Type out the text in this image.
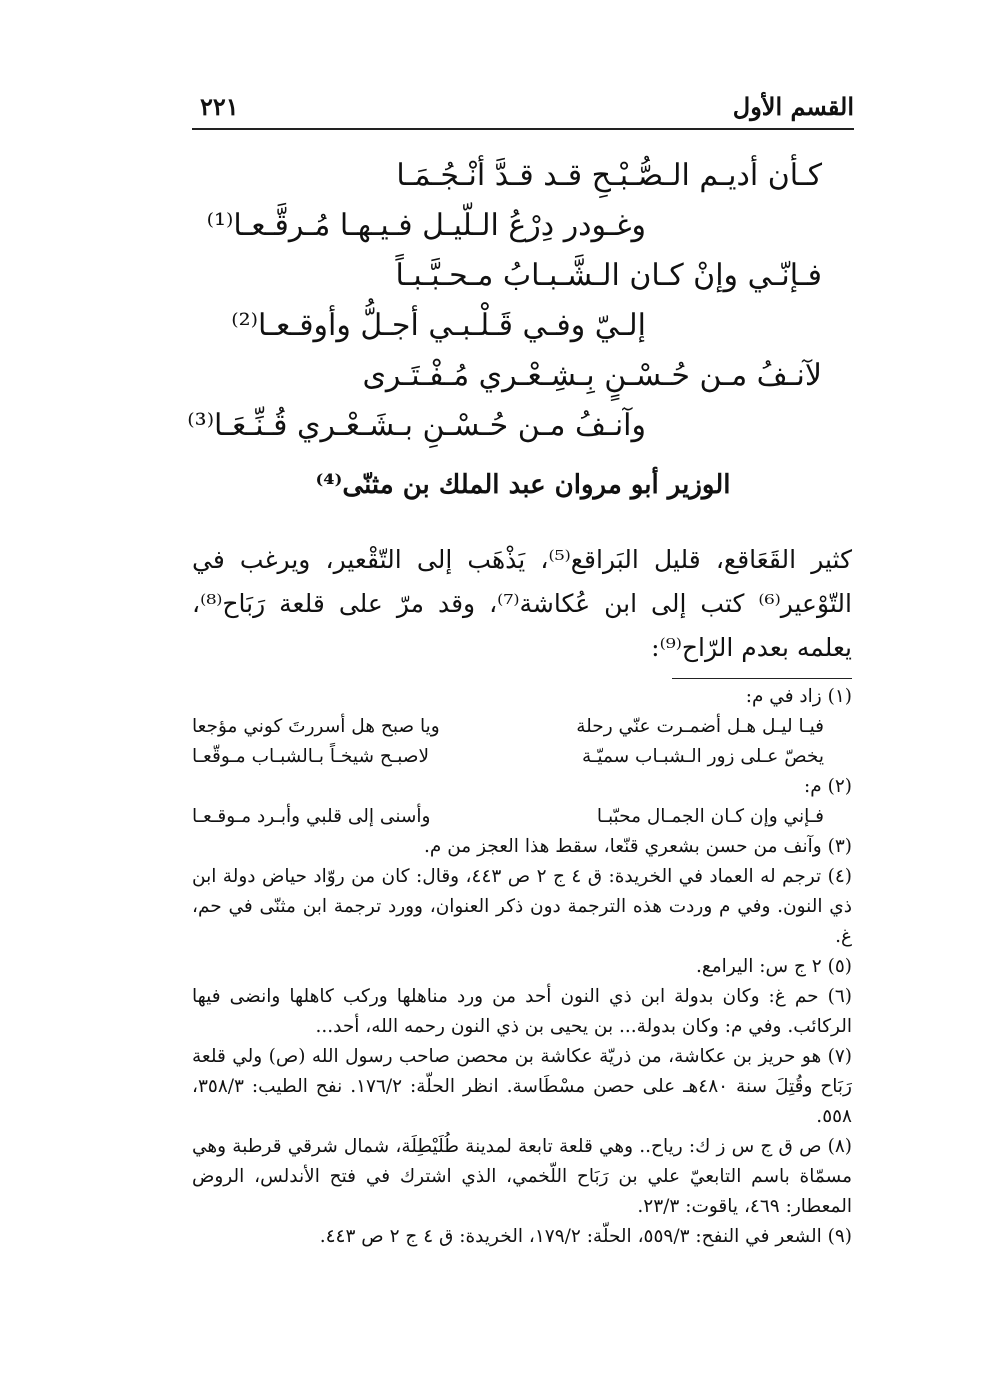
القسم الأول
٢٢١
كـأن أديـم الـصُّـبْـحِ قـد قـدَّ أنْـجُـمَـا
وغـودر دِرْعُ الـلّيـل فـيـهـا مُـرقَّـعـا⁽¹⁾
فـإنّـي وإنْ كـان الـشَّـبـابُ مـحـبَّـبـاً
إلـيّ وفـي قَـلْـبـي أجـلُّ وأوقـعـا⁽²⁾
لآنـفُ مـن حُـسْـنٍ بِـشِـعْـري مُـفْـتَـرى
وآنـفُ مـن حُـسْـنِ بـشَـعْـري قُـنِّـعَـا⁽³⁾
الوزير أبو مروان عبد الملك بن مثنّى⁽⁴⁾
كثير القَعَاقع، قليل البَراقع⁽⁵⁾، يَذْهَب إلى التّقْعير، ويرغب في التّوْعير⁽⁶⁾ كتب إلى ابن عُكاشة⁽⁷⁾، وقد مرّ على قلعة رَبَاح⁽⁸⁾، يعلمه بعدم الرّاح⁽⁹⁾:
(١) زاد في م:
فيـا ليـل هـل أضمـرت عنّي رحلة
ويا صبح هل أسررتَ كوني مؤجعا
يخصّ عـلى زور الـشبـاب سميّـة
لاصبـح شيخـاً بـالشبـاب مـوقّعـا
(٢) م:
فـإني وإن كـان الجمـال محبّبـا
وأسنى إلى قلبي وأبـرد مـوقـعـا
(٣) وآنف من حسن بشعري قنّعا، سقط هذا العجز من م.
(٤) ترجم له العماد في الخريدة: ق ٤ ج ٢ ص ٤٤٣، وقال: كان من روّاد حياض دولة ابن ذي النون. وفي م وردت هذه الترجمة دون ذكر العنوان، وورد ترجمة ابن مثنّى في حم، غ.
(٥) ٢ ج س: اليرامع.
(٦) حم غ: وكان بدولة ابن ذي النون أحد من ورد مناهلها وركب كاهلها وانضى فيها الركائب. وفي م: وكان بدولة... بن يحيى بن ذي النون رحمه الله، أحد...
(٧) هو حريز بن عكاشة، من ذريّة عكاشة بن محصن صاحب رسول الله (ص) ولي قلعة رَبَاح وقُتِلَ سنة ٤٨٠هـ على حصن مسْطَاسة. انظر الحلّة: ١٧٦/٢. نفح الطيب: ٣٥٨/٣، ٥٥٨.
(٨) ص ق ج س ز ك: رياح.. وهي قلعة تابعة لمدينة طُلَيْطِلَة، شمال شرقي قرطبة وهي مسمّاة باسم التابعيّ علي بن رَبَاح اللّخمي، الذي اشترك في فتح الأندلس، الروض المعطار: ٤٦٩، ياقوت: ٢٣/٣.
(٩) الشعر في النفح: ٥٥٩/٣، الحلّة: ١٧٩/٢، الخريدة: ق ٤ ج ٢ ص ٤٤٣.
